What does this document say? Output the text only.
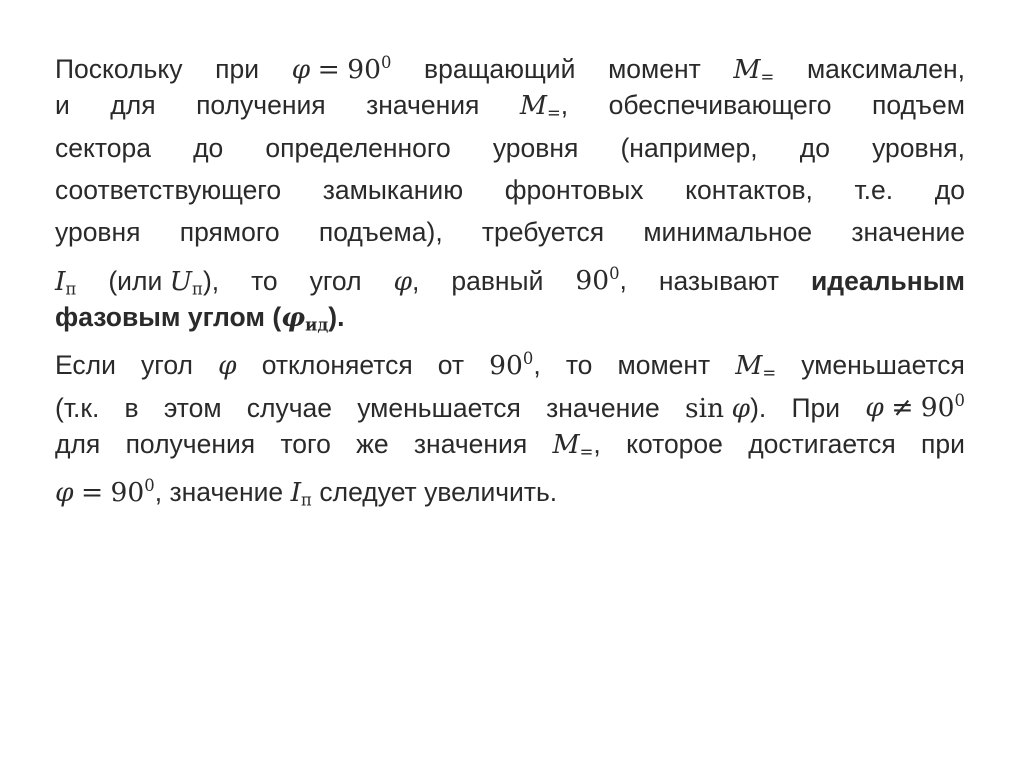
Поскольку при $\varphi = 90^0$ вращающий момент $M_=$ максимален,
и для получения значения $M_=$, обеспечивающего подъем
сектора до определенного уровня (например, до уровня,
соответствующего замыканию фронтовых контактов, т.е. до
уровня прямого подъема), требуется минимальное значение
$I_п$ (или $U_п$), то угол φ, равный $90^0$, называют идеальным
фазовым углом $(\varphi_{ид})$.
Если угол φ отклоняется от $90^0$, то момент $M_=$ уменьшается
(т.к. в этом случае уменьшается значение sin φ). При $\varphi \ne 90^0$
для получения того же значения $M_=$, которое достигается при
$\varphi = 90^0$, значение $I_п$ следует увеличить.
